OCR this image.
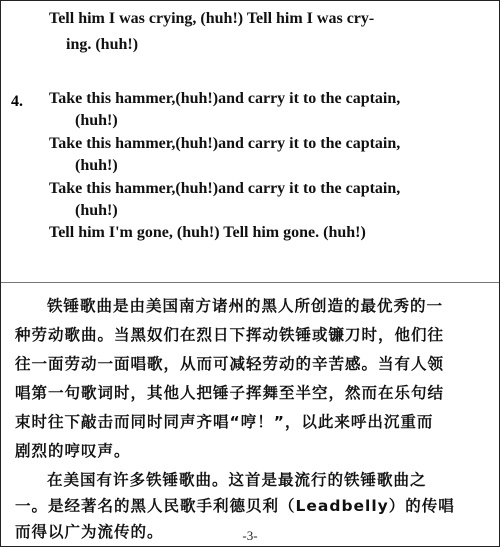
Tell him I was crying, (huh!) Tell him I was cry-
ing. (huh!)
4. Take this hammer,(huh!)and carry it to the captain,
(huh!)
Take this hammer,(huh!)and carry it to the captain,
(huh!)
Take this hammer,(huh!)and carry it to the captain,
(huh!)
Tell him I'm gone, (huh!) Tell him gone. (huh!)
铁锤歌曲是由美国南方诸州的黑人所创造的最优秀的一
种劳动歌曲。当黑奴们在烈日下挥动铁锤或镰刀时，他们往
往一面劳动一面唱歌，从而可减轻劳动的辛苦感。当有人领
唱第一句歌词时，其他人把锤子挥舞至半空，然而在乐句结
束时往下敲击而同时同声齐唱“哼！”，以此来呼出沉重而
剧烈的哼叹声。
在美国有许多铁锤歌曲。这首是最流行的铁锤歌曲之
一。是经著名的黑人民歌手利德贝利（Leadbelly）的传唱
而得以广为流传的。	-3-
